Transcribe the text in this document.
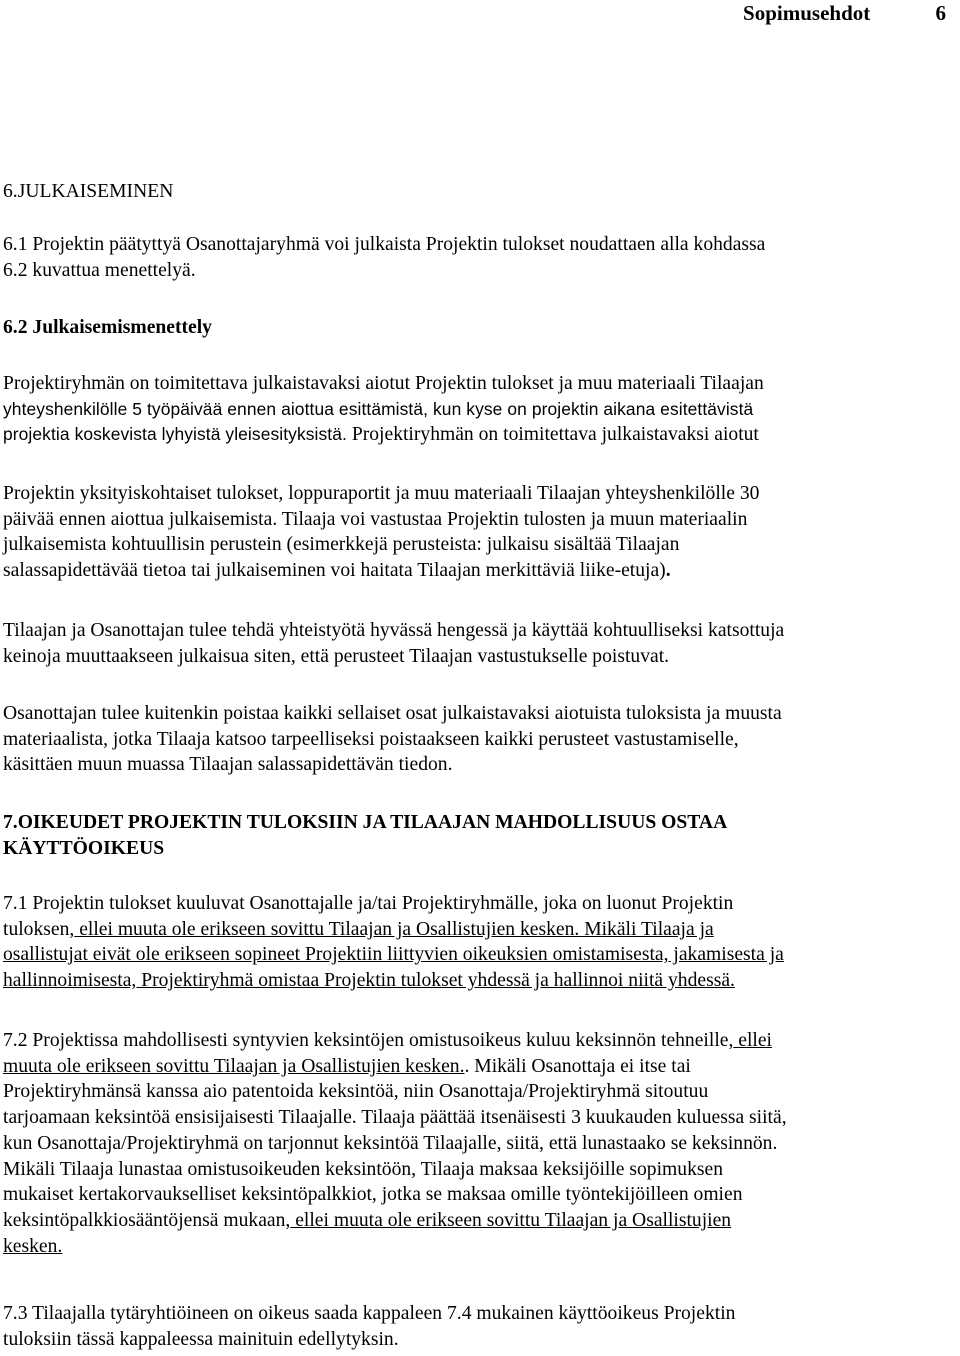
Sopimusehdot	6
6.JULKAISEMINEN
6.1 Projektin päätyttyä Osanottajaryhmä voi julkaista Projektin tulokset noudattaen alla kohdassa
6.2 kuvattua menettelyä.
6.2 Julkaisemismenettely
Projektiryhmän on toimitettava julkaistavaksi aiotut Projektin tulokset ja muu materiaali Tilaajan
yhteyshenkilölle 5 työpäivää ennen aiottua esittämistä, kun kyse on projektin aikana esitettävistä
projektia koskevista lyhyistä yleisesityksistä. Projektiryhmän on toimitettava julkaistavaksi aiotut
Projektin yksityiskohtaiset tulokset, loppuraportit ja muu materiaali Tilaajan yhteyshenkilölle 30
päivää ennen aiottua julkaisemista. Tilaaja voi vastustaa Projektin tulosten ja muun materiaalin
julkaisemista kohtuullisin perustein (esimerkkejä perusteista: julkaisu sisältää Tilaajan
salassapidettävää tietoa tai julkaiseminen voi haitata Tilaajan merkittäviä liike-etuja).
Tilaajan ja Osanottajan tulee tehdä yhteistyötä hyvässä hengessä ja käyttää kohtuulliseksi katsottuja
keinoja muuttaakseen julkaisua siten, että perusteet Tilaajan vastustukselle poistuvat.
Osanottajan tulee kuitenkin poistaa kaikki sellaiset osat julkaistavaksi aiotuista tuloksista ja muusta
materiaalista, jotka Tilaaja katsoo tarpeelliseksi poistaakseen kaikki perusteet vastustamiselle,
käsittäen muun muassa Tilaajan salassapidettävän tiedon.
7.OIKEUDET PROJEKTIN TULOKSIIN JA TILAAJAN MAHDOLLISUUS OSTAA
KÄYTTÖOIKEUS
7.1 Projektin tulokset kuuluvat Osanottajalle ja/tai Projektiryhmälle, joka on luonut Projektin
tuloksen, ellei muuta ole erikseen sovittu Tilaajan ja Osallistujien kesken. Mikäli Tilaaja ja
osallistujat eivät ole erikseen sopineet Projektiin liittyvien oikeuksien omistamisesta, jakamisesta ja
hallinnoimisesta, Projektiryhmä omistaa Projektin tulokset yhdessä ja hallinnoi niitä yhdessä.
7.2 Projektissa mahdollisesti syntyvien keksintöjen omistusoikeus kuluu keksinnön tehneille, ellei
muuta ole erikseen sovittu Tilaajan ja Osallistujien kesken.. Mikäli Osanottaja ei itse tai
Projektiryhmänsä kanssa aio patentoida keksintöä, niin Osanottaja/Projektiryhmä sitoutuu
tarjoamaan keksintöä ensisijaisesti Tilaajalle. Tilaaja päättää itsenäisesti 3 kuukauden kuluessa siitä,
kun Osanottaja/Projektiryhmä on tarjonnut keksintöä Tilaajalle, siitä, että lunastaako se keksinnön.
Mikäli Tilaaja lunastaa omistusoikeuden keksintöön, Tilaaja maksaa keksijöille sopimuksen
mukaiset kertakorvaukselliset keksintöpalkkiot, jotka se maksaa omille työntekijöilleen omien
keksintöpalkkiosääntöjensä mukaan, ellei muuta ole erikseen sovittu Tilaajan ja Osallistujien
kesken.
7.3 Tilaajalla tytäryhtiöineen on oikeus saada kappaleen 7.4 mukainen käyttöoikeus Projektin
tuloksiin tässä kappaleessa mainituin edellytyksin.
